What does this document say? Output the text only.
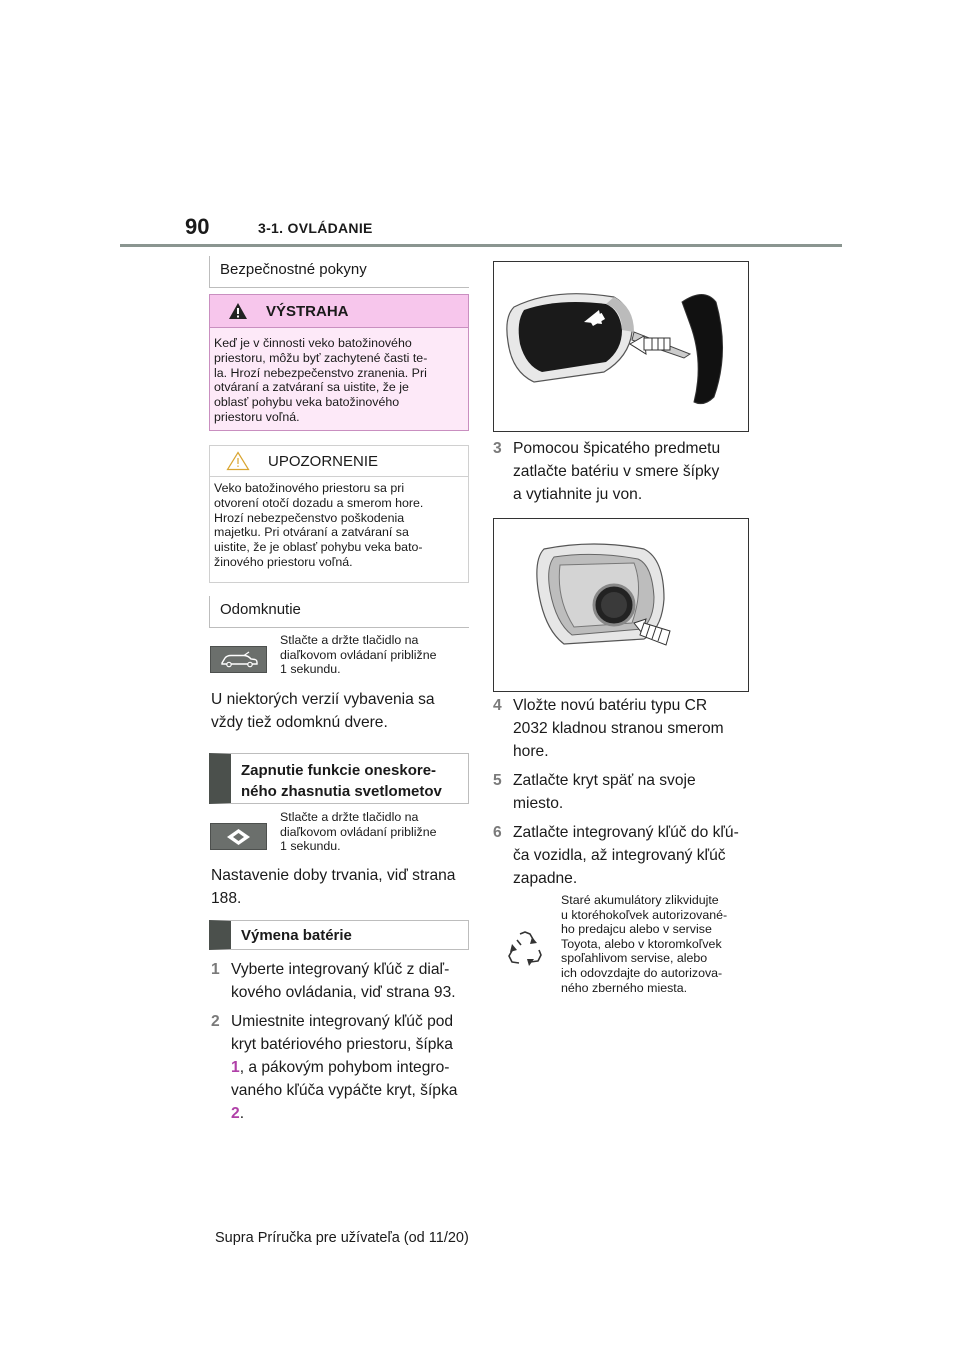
90	3-1. OVLÁDANIE
Bezpečnostné pokyny
VÝSTRAHA
Keď je v činnosti veko batožinového
priestoru, môžu byť zachytené časti te-
la. Hrozí nebezpečenstvo zranenia. Pri
otváraní a zatváraní sa uistite, že je
oblasť pohybu veka batožinového
priestoru voľná.
UPOZORNENIE
Veko batožinového priestoru sa pri
otvorení otočí dozadu a smerom hore.
Hrozí nebezpečenstvo poškodenia
majetku. Pri otváraní a zatváraní sa
uistite, že je oblasť pohybu veka bato-
žinového priestoru voľná.
Odomknutie
Stlačte a držte tlačidlo na
diaľkovom ovládaní približne
1 sekundu.
U niektorých verzií vybavenia sa
vždy tiež odomknú dvere.
Zapnutie funkcie oneskore-
ného zhasnutia svetlometov
Stlačte a držte tlačidlo na
diaľkovom ovládaní približne
1 sekundu.
Nastavenie doby trvania, viď strana
188.
Výmena batérie
1 Vyberte integrovaný kľúč z diaľ-
kového ovládania, viď strana 93.
2 Umiestnite integrovaný kľúč pod
kryt batériového priestoru, šípka
1, a pákovým pohybom integro-
vaného kľúča vypáčte kryt, šípka
2.
3 Pomocou špicatého predmetu
zatlačte batériu v smere šípky
a vytiahnite ju von.
4 Vložte novú batériu typu CR
2032 kladnou stranou smerom
hore.
5 Zatlačte kryt späť na svoje
miesto.
6 Zatlačte integrovaný kľúč do kľú-
ča vozidla, až integrovaný kľúč
zapadne.
Staré akumulátory zlikvidujte
u ktoréhokoľvek autorizované-
ho predajcu alebo v servise
Toyota, alebo v ktoromkoľvek
spoľahlivom servise, alebo
ich odovzdajte do autorizova-
ného zberného miesta.
Supra Príručka pre užívateľa (od 11/20)
